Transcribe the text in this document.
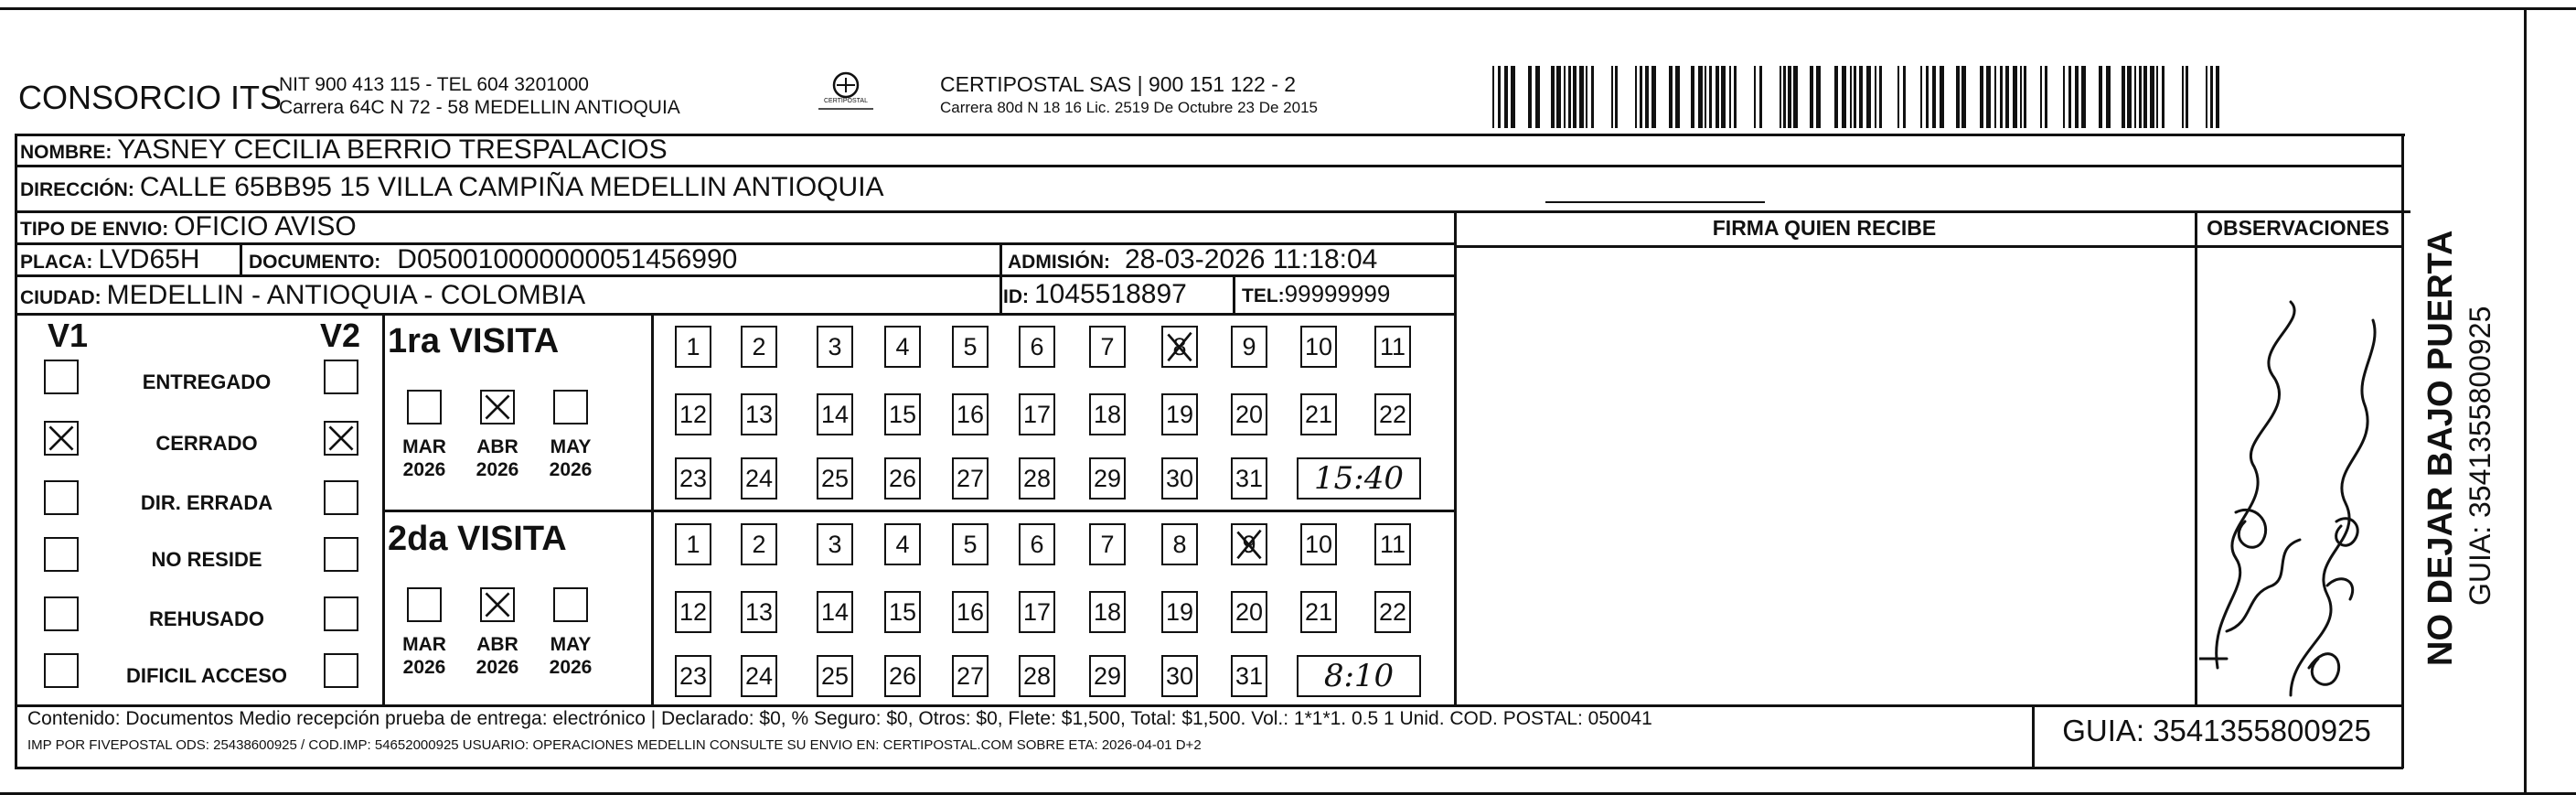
CONSORCIO ITS
NIT 900 413 115 - TEL 604 3201000
Carrera 64C N 72 - 58 MEDELLIN ANTIOQUIA	CERTIPOSTAL
CERTIPOSTAL SAS | 900 151 122 - 2
Carrera 80d N 18 16 Lic. 2519 De Octubre 23 De 2015
NOMBRE: YASNEY CECILIA BERRIO TRESPALACIOS
DIRECCIÓN: CALLE 65BB95 15 VILLA CAMPIÑA MEDELLIN ANTIOQUIA
TIPO DE ENVIO: OFICIO AVISO
PLACA: LVD65H	DOCUMENTO: D050010000000051456990	ADMISIÓN: 28-03-2026 11:18:04
CIUDAD: MEDELLIN - ANTIOQUIA - COLOMBIA	ID: 1045518897	TEL: 99999999
FIRMA QUIEN RECIBE	OBSERVACIONES
NO DEJAR BAJO PUERTA GUIA: 3541355800925
V1	V2
ENTREGADO
CERRADO
DIR. ERRADA
NO RESIDE
REHUSADO
DIFICIL ACCESO
1ra VISITA
MAR
2026
ABR
2026
MAY
2026
1	2	3	4	5	6	7	8	9	10 11
12 13 14 15 16 17 18 19 20 21 22
23 24 25 26 27 28 29 30 31	15:40
2da VISITA
MAR
2026
ABR
2026
MAY
2026
1	2	3	4	5	6	7	8	9	10 11
12 13 14 15 16 17 18 19 20 21 22
23 24 25 26 27 28 29 30 31	8:10
Contenido: Documentos Medio recepción prueba de entrega: electrónico | Declarado: $0, % Seguro: $0, Otros: $0, Flete: $1,500, Total: $1,500. Vol.: 1*1*1. 0.5 1 Unid. COD. POSTAL: 050041
IMP POR FIVEPOSTAL ODS: 25438600925 / COD.IMP: 54652000925 USUARIO: OPERACIONES MEDELLIN CONSULTE SU ENVIO EN: CERTIPOSTAL.COM SOBRE ETA: 2026-04-01 D+2	GUIA: 3541355800925
